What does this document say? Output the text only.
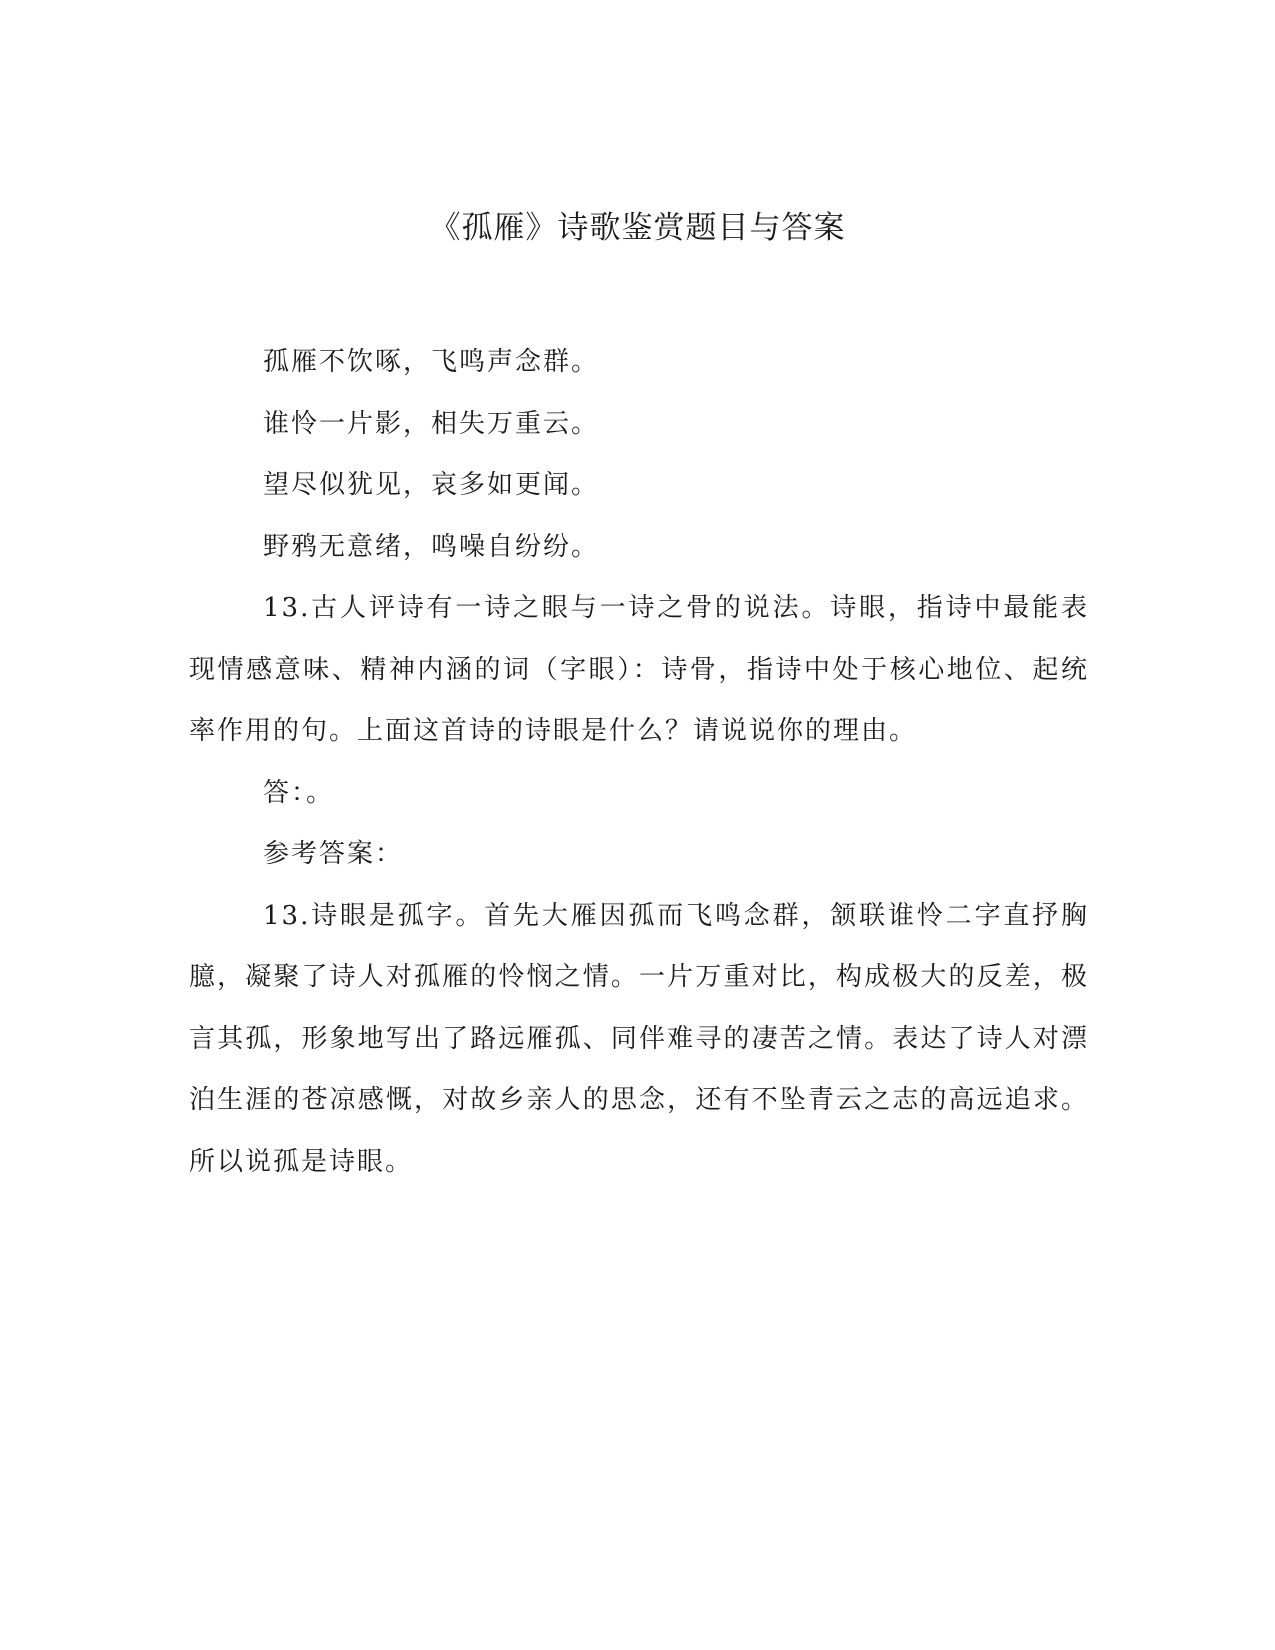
《孤雁》诗歌鉴赏题目与答案

孤雁不饮啄，飞鸣声念群。

谁怜一片影，相失万重云。

望尽似犹见，哀多如更闻。

野鸦无意绪，鸣噪自纷纷。

13.古人评诗有一诗之眼与一诗之骨的说法。诗眼，指诗中最能表现情感意味、精神内涵的词（字眼）：诗骨，指诗中处于核心地位、起统率作用的句。上面这首诗的诗眼是什么？请说说你的理由。

答：。

参考答案：

13.诗眼是孤字。首先大雁因孤而飞鸣念群，颔联谁怜二字直抒胸臆，凝聚了诗人对孤雁的怜悯之情。一片万重对比，构成极大的反差，极言其孤，形象地写出了路远雁孤、同伴难寻的凄苦之情。表达了诗人对漂泊生涯的苍凉感慨，对故乡亲人的思念，还有不坠青云之志的高远追求。所以说孤是诗眼。
